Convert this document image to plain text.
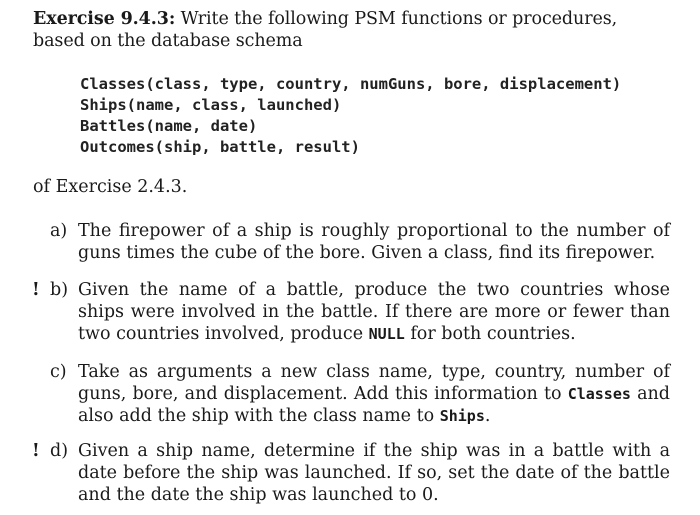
Exercise 9.4.3: Write the following PSM functions or procedures, based on the database schema
Classes(class, type, country, numGuns, bore, displacement)
Ships(name, class, launched)
Battles(name, date)
Outcomes(ship, battle, result)
of Exercise 2.4.3.
a) The firepower of a ship is roughly proportional to the number of guns times the cube of the bore. Given a class, find its firepower.
! b) Given the name of a battle, produce the two countries whose ships were involved in the battle. If there are more or fewer than two countries involved, produce NULL for both countries.
c) Take as arguments a new class name, type, country, number of guns, bore, and displacement. Add this information to Classes and also add the ship with the class name to Ships.
! d) Given a ship name, determine if the ship was in a battle with a date before the ship was launched. If so, set the date of the battle and the date the ship was launched to 0.
